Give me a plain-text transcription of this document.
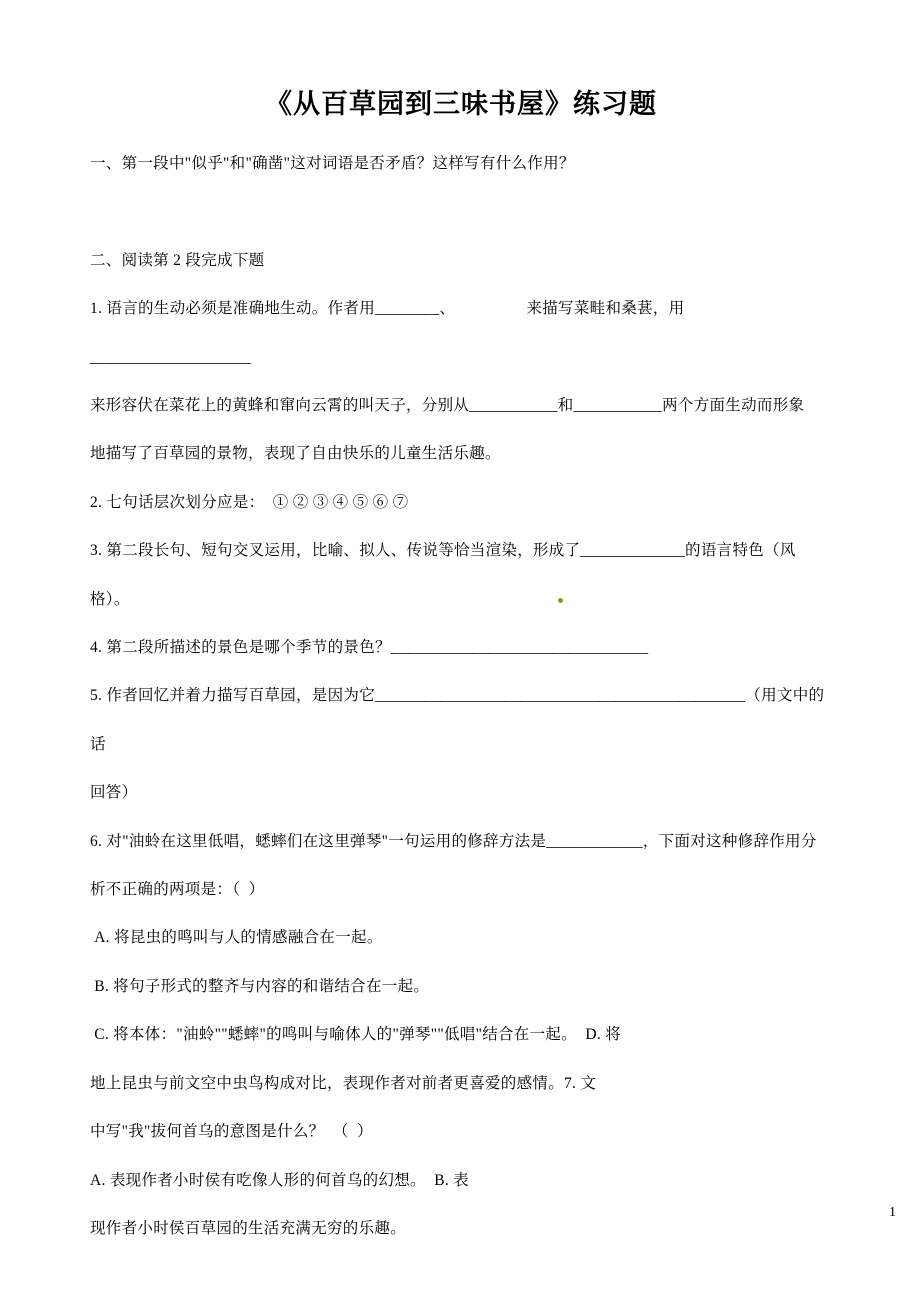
《从百草园到三味书屋》练习题

一、第一段中"似乎"和"确凿"这对词语是否矛盾？这样写有什么作用？

二、阅读第 2 段完成下题

1. 语言的生动必须是准确地生动。作者用________、　　　　　来描写菜畦和桑葚，用____________________

来形容伏在菜花上的黄蜂和窜向云霄的叫天子，分别从___________和___________两个方面生动而形象

地描写了百草园的景物，表现了自由快乐的儿童生活乐趣。

2. 七句话层次划分应是：  ① ② ③ ④ ⑤ ⑥ ⑦

3. 第二段长句、短句交叉运用，比喻、拟人、传说等恰当渲染，形成了_____________的语言特色（风

格）。

4. 第二段所描述的景色是哪个季节的景色？________________________________

5. 作者回忆并着力描写百草园，是因为它______________________________________________（用文中的话

回答）

6. 对"油蛉在这里低唱，蟋蟀们在这里弹琴"一句运用的修辞方法是____________，下面对这种修辞作用分

析不正确的两项是：（  ）

A. 将昆虫的鸣叫与人的情感融合在一起。

B. 将句子形式的整齐与内容的和谐结合在一起。

C. 将本体："油蛉""蟋蟀"的鸣叫与喻体人的"弹琴""低唱"结合在一起。  D. 将

地上昆虫与前文空中虫鸟构成对比，表现作者对前者更喜爱的感情。7. 文

中写"我"拔何首乌的意图是什么？  （  ）

A. 表现作者小时侯有吃像人形的何首乌的幻想。  B. 表

现作者小时侯百草园的生活充满无穷的乐趣。

1
